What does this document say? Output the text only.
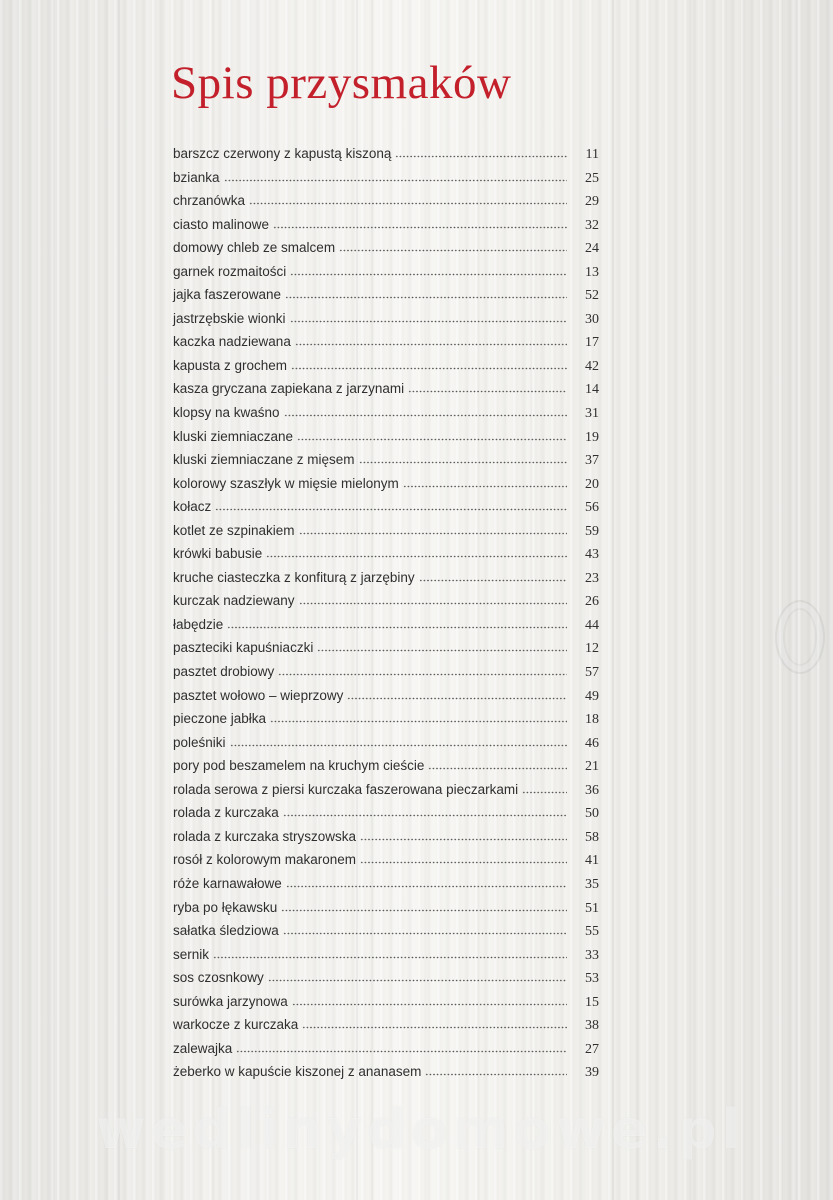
Spis przysmaków
barszcz czerwony z kapustą kiszoną	11
bzianka	25
chrzanówka	29
ciasto malinowe	32
domowy chleb ze smalcem	24
garnek rozmaitości	13
jajka faszerowane	52
jastrzębskie wionki	30
kaczka nadziewana	17
kapusta z grochem	42
kasza gryczana zapiekana z jarzynami	14
klopsy na kwaśno	31
kluski ziemniaczane	19
kluski ziemniaczane z mięsem	37
kolorowy szaszłyk w mięsie mielonym	20
kołacz	56
kotlet ze szpinakiem	59
krówki babusie	43
kruche ciasteczka z konfiturą z jarzębiny	23
kurczak nadziewany	26
łabędzie	44
paszteciki kapuśniaczki	12
pasztet drobiowy	57
pasztet wołowo – wieprzowy	49
pieczone jabłka	18
poleśniki	46
pory pod beszamelem na kruchym cieście	21
rolada serowa z piersi kurczaka faszerowana pieczarkami	36
rolada z kurczaka	50
rolada z kurczaka stryszowska	58
rosół z kolorowym makaronem	41
róże karnawałowe	35
ryba po łękawsku	51
sałatka śledziowa	55
sernik	33
sos czosnkowy	53
surówka jarzynowa	15
warkocze z kurczaka	38
zalewajka	27
żeberko w kapuście kiszonej z ananasem	39

wedlinydomowe.pl
